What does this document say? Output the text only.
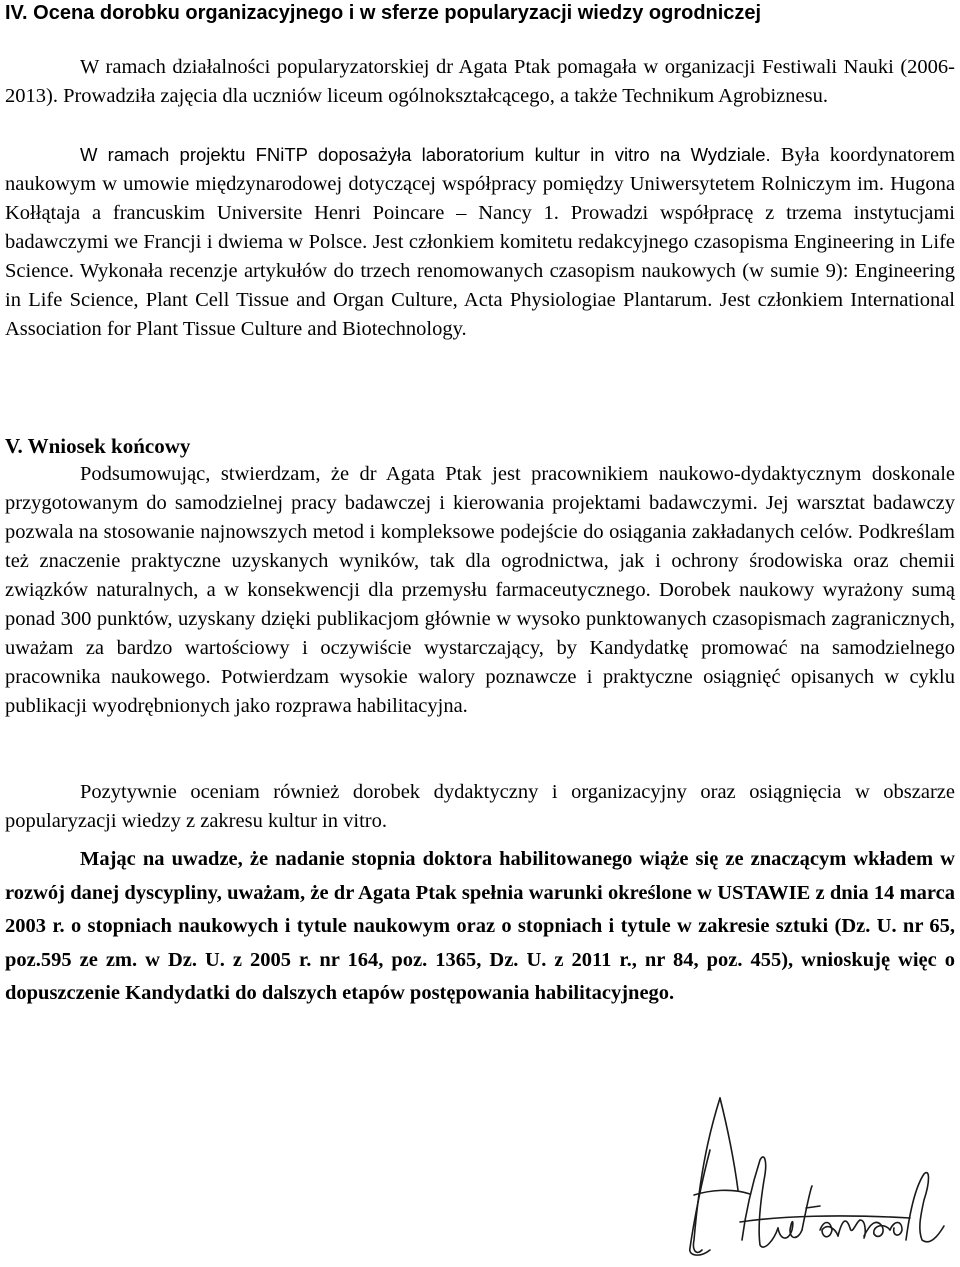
IV. Ocena dorobku organizacyjnego i w sferze popularyzacji wiedzy ogrodniczej

W ramach działalności popularyzatorskiej dr Agata Ptak pomagała w organizacji Festiwali Nauki (2006-2013). Prowadziła zajęcia dla uczniów liceum ogólnokształcącego, a także Technikum Agrobiznesu.

W ramach projektu FNiTP doposażyła laboratorium kultur in vitro na Wydziale. Była koordynatorem naukowym w umowie międzynarodowej dotyczącej współpracy pomiędzy Uniwersytetem Rolniczym im. Hugona Kołłątaja a francuskim Universite Henri Poincare – Nancy 1. Prowadzi współpracę z trzema instytucjami badawczymi we Francji i dwiema w Polsce. Jest członkiem komitetu redakcyjnego czasopisma Engineering in Life Science. Wykonała recenzje artykułów do trzech renomowanych czasopism naukowych (w sumie 9): Engineering in Life Science, Plant Cell Tissue and Organ Culture, Acta Physiologiae Plantarum. Jest członkiem International Association for Plant Tissue Culture and Biotechnology.

V. Wniosek końcowy

Podsumowując, stwierdzam, że dr Agata Ptak jest pracownikiem naukowo-dydaktycznym doskonale przygotowanym do samodzielnej pracy badawczej i kierowania projektami badawczymi. Jej warsztat badawczy pozwala na stosowanie najnowszych metod i kompleksowe podejście do osiągania zakładanych celów. Podkreślam też znaczenie praktyczne uzyskanych wyników, tak dla ogrodnictwa, jak i ochrony środowiska oraz chemii związków naturalnych, a w konsekwencji dla przemysłu farmaceutycznego. Dorobek naukowy wyrażony sumą ponad 300 punktów, uzyskany dzięki publikacjom głównie w wysoko punktowanych czasopismach zagranicznych, uważam za bardzo wartościowy i oczywiście wystarczający, by Kandydatkę promować na samodzielnego pracownika naukowego. Potwierdzam wysokie walory poznawcze i praktyczne osiągnięć opisanych w cyklu publikacji wyodrębnionych jako rozprawa habilitacyjna.

Pozytywnie oceniam również dorobek dydaktyczny i organizacyjny oraz osiągnięcia w obszarze popularyzacji wiedzy z zakresu kultur in vitro.

Mając na uwadze, że nadanie stopnia doktora habilitowanego wiąże się ze znaczącym wkładem w rozwój danej dyscypliny, uważam, że dr Agata Ptak spełnia warunki określone w USTAWIE z dnia 14 marca 2003 r. o stopniach naukowych i tytule naukowym oraz o stopniach i tytule w zakresie sztuki (Dz. U. nr 65, poz.595 ze zm. w Dz. U. z 2005 r. nr 164, poz. 1365, Dz. U. z 2011 r., nr 84, poz. 455), wnioskuję więc o dopuszczenie Kandydatki do dalszych etapów postępowania habilitacyjnego.
